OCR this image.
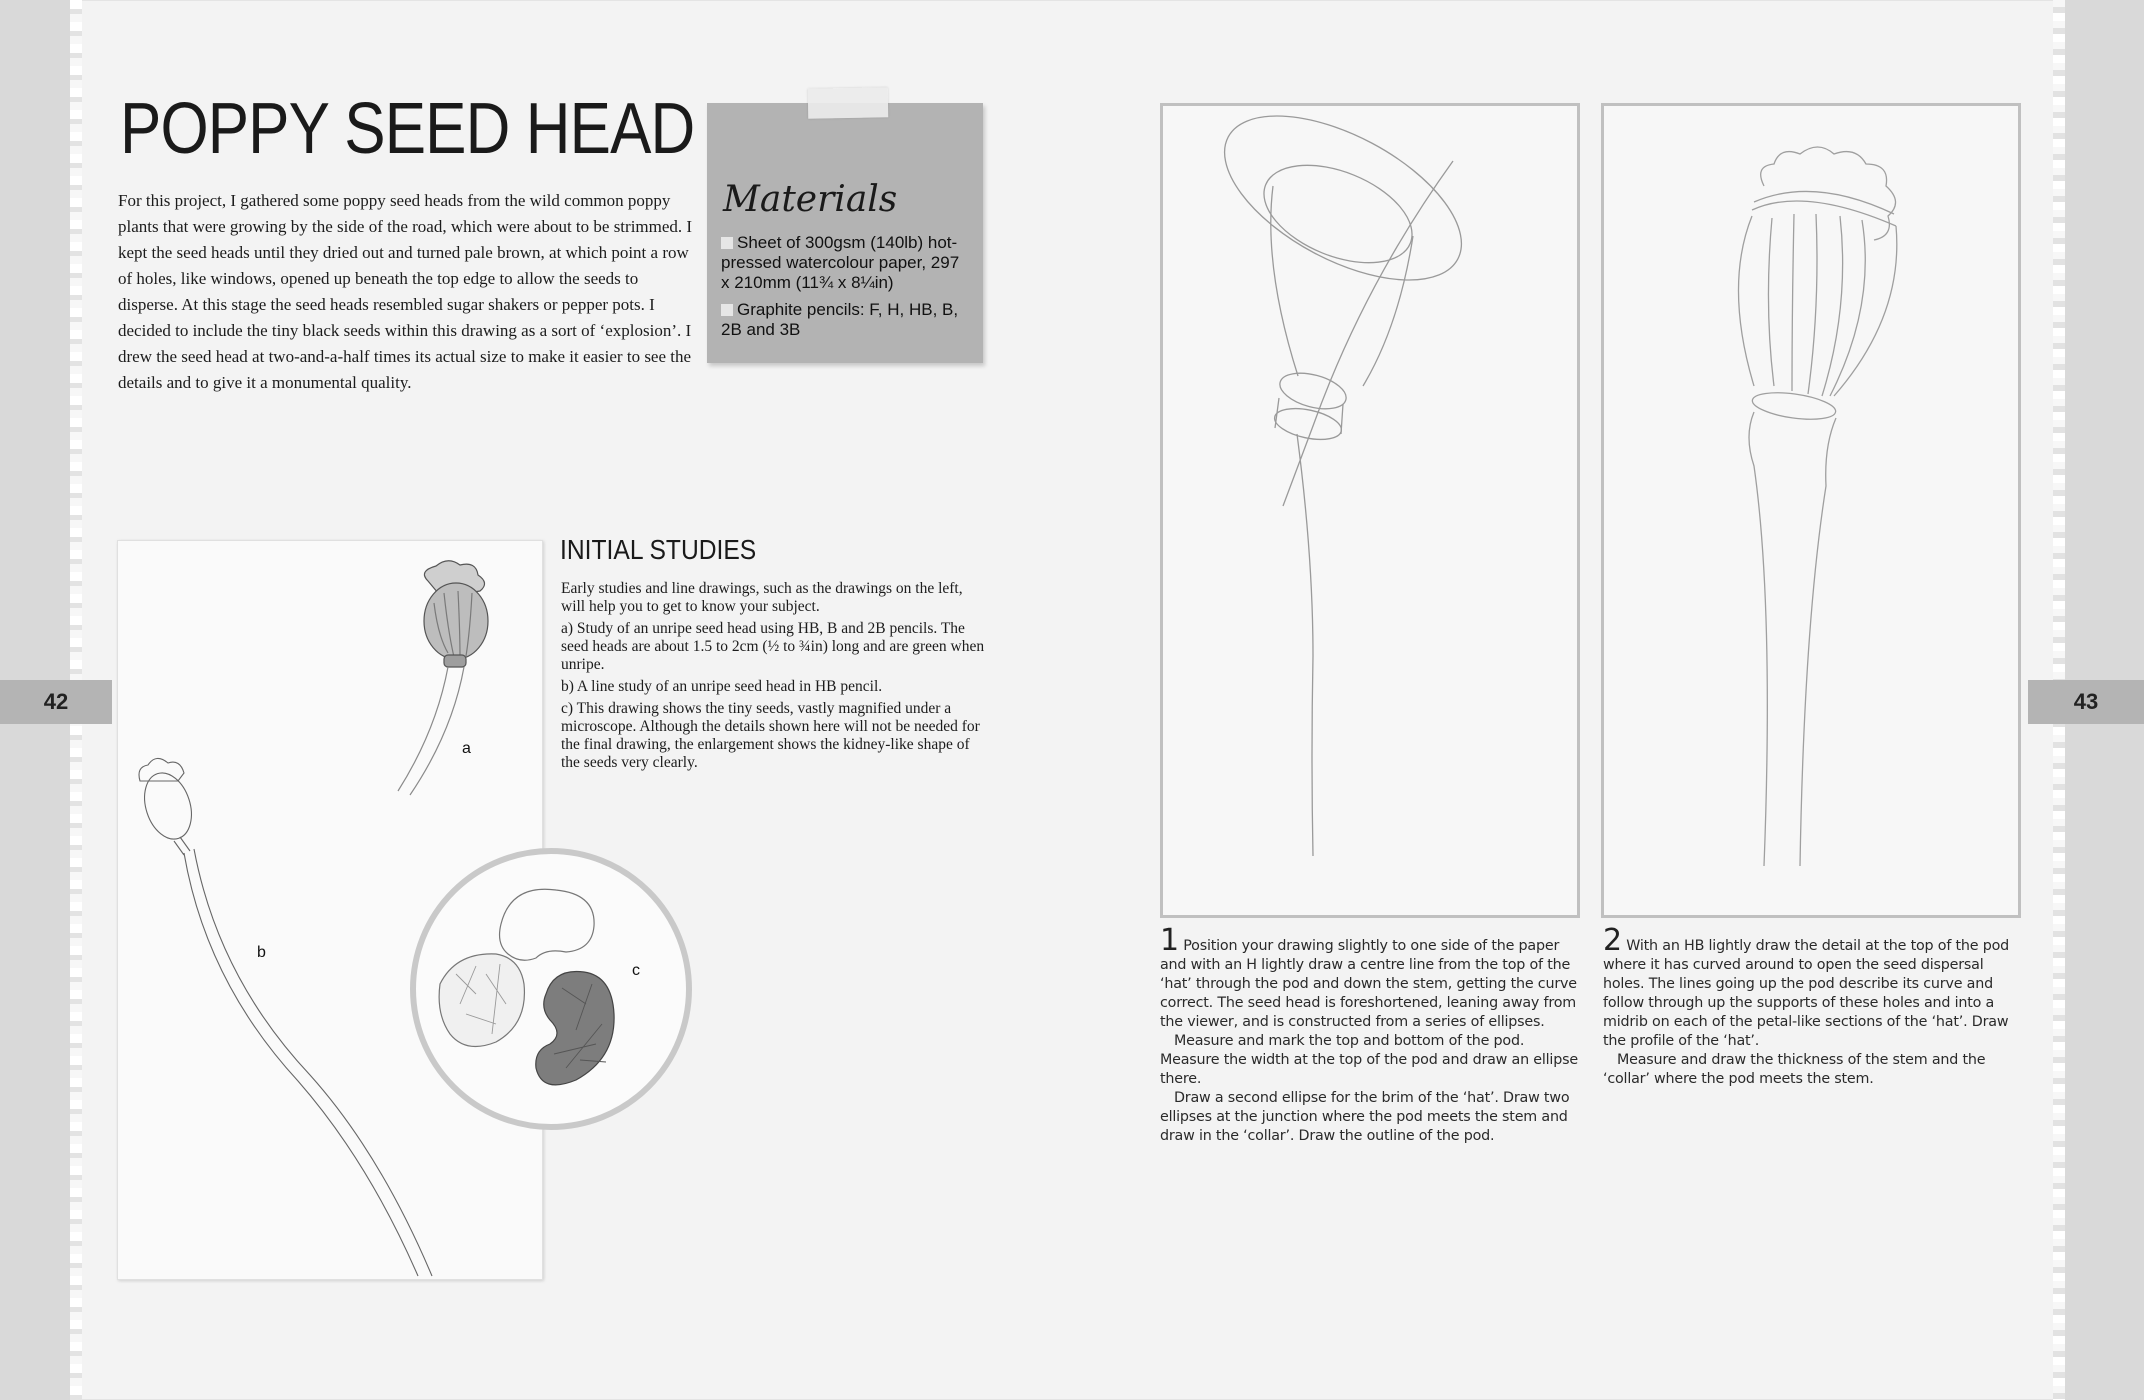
42	43
POPPY SEED HEAD

For this project, I gathered some poppy seed heads from the wild common poppy plants that were growing by the side of the road, which were about to be strimmed. I kept the seed heads until they dried out and turned pale brown, at which point a row of holes, like windows, opened up beneath the top edge to allow the seeds to disperse. At this stage the seed heads resembled sugar shakers or pepper pots. I decided to include the tiny black seeds within this drawing as a sort of ‘explosion’. I drew the seed head at two-and-a-half times its actual size to make it easier to see the details and to give it a monumental quality.

Materials
Sheet of 300gsm (140lb) hot-pressed watercolour paper, 297 x 210mm (11¾ x 8¼in)
Graphite pencils: F, H, HB, B, 2B and 3B
a
b
c
INITIAL STUDIES

Early studies and line drawings, such as the drawings on the left, will help you to get to know your subject.

a) Study of an unripe seed head using HB, B and 2B pencils. The seed heads are about 1.5 to 2cm (½ to ¾in) long and are green when unripe.

b) A line study of an unripe seed head in HB pencil.

c) This drawing shows the tiny seeds, vastly magnified under a microscope. Although the details shown here will not be needed for the final drawing, the enlargement shows the kidney-like shape of the seeds very clearly.

1 Position your drawing slightly to one side of the paper and with an H lightly draw a centre line from the top of the ‘hat’ through the pod and down the stem, getting the curve correct. The seed head is foreshortened, leaning away from the viewer, and is constructed from a series of ellipses.

Measure and mark the top and bottom of the pod. Measure the width at the top of the pod and draw an ellipse there.

Draw a second ellipse for the brim of the ‘hat’. Draw two ellipses at the junction where the pod meets the stem and draw in the ‘collar’. Draw the outline of the pod.

2 With an HB lightly draw the detail at the top of the pod where it has curved around to open the seed dispersal holes. The lines going up the pod describe its curve and follow through up the supports of these holes and into a midrib on each of the petal-like sections of the ‘hat’. Draw the profile of the ‘hat’.

Measure and draw the thickness of the stem and the ‘collar’ where the pod meets the stem.
